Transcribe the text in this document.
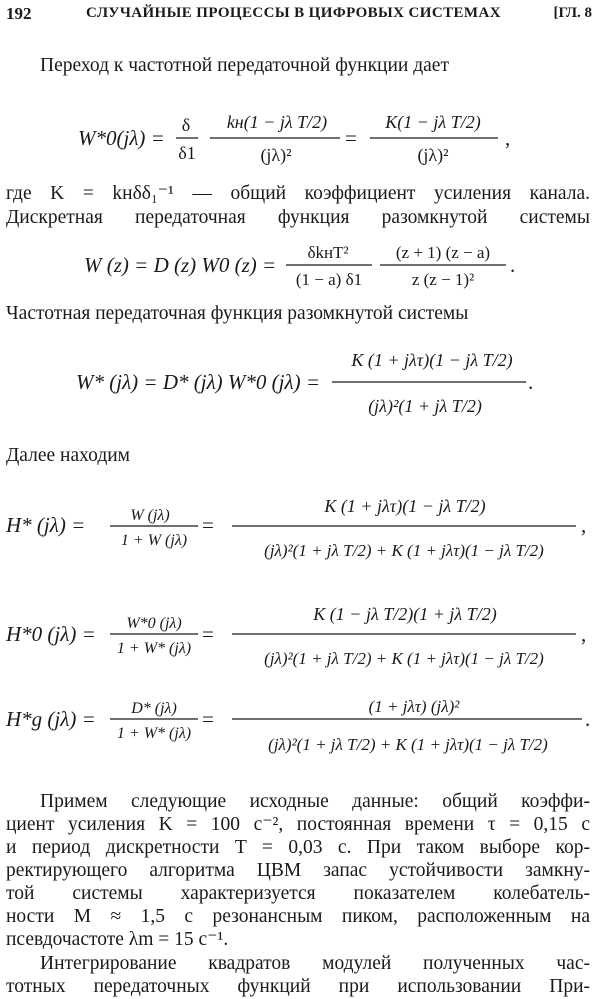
192	СЛУЧАЙНЫЕ ПРОЦЕССЫ В ЦИФРОВЫХ СИСТЕМАХ	[ГЛ. 8
Переход к частотной передаточной функции дает
W*0(jλ) =
δ
δ1
kн(1 − jλ T/2)
(jλ)²
=
K(1 − jλ T/2)
(jλ)²
,
где K = kнδδ₁⁻¹ — общий коэффициент усиления канала.
Дискретная передаточная функция разомкнутой системы
W (z) = D (z) W0 (z) =
δkнT²
(1 − a) δ1
(z + 1) (z − a)
z (z − 1)²
.
Частотная передаточная функция разомкнутой системы
W* (jλ) = D* (jλ) W*0 (jλ) =
K (1 + jλτ)(1 − jλ T/2)
(jλ)²(1 + jλ T/2)
.
Далее находим
H* (jλ) =	W (jλ)
1 + W (jλ)
=
K (1 + jλτ)(1 − jλ T/2)
(jλ)²(1 + jλ T/2) + K (1 + jλτ)(1 − jλ T/2)
,
H*0 (jλ) = W*0 (jλ)
1 + W* (jλ)
=
K (1 − jλ T/2)(1 + jλ T/2)
(jλ)²(1 + jλ T/2) + K (1 + jλτ)(1 − jλ T/2)
,
H*g (jλ) = D* (jλ)
1 + W* (jλ)
=
(1 + jλτ) (jλ)²
(jλ)²(1 + jλ T/2) + K (1 + jλτ)(1 − jλ T/2)
.
Примем следующие исходные данные: общий коэффи-
циент усиления K = 100 с⁻², постоянная времени τ = 0,15 с
и период дискретности T = 0,03 с. При таком выборе кор-
ректирующего алгоритма ЦВМ запас устойчивости замкну-
той системы характеризуется показателем колебатель-
ности M ≈ 1,5 с резонансным пиком, расположенным на
псевдочастоте λm = 15 с⁻¹.
Интегрирование квадратов модулей полученных час-
тотных передаточных функций при использовании При-
